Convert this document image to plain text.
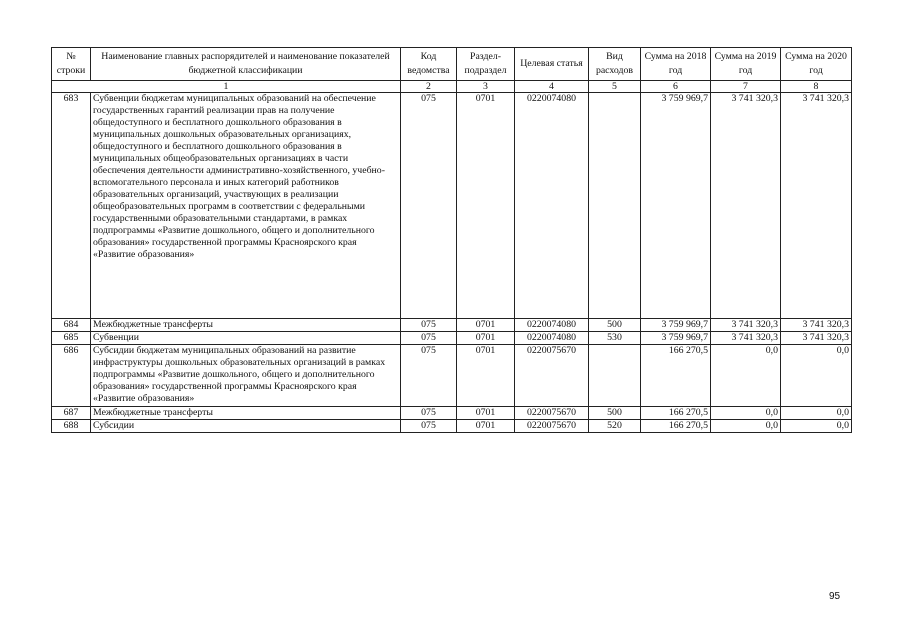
№ строки	Наименование главных распорядителей и наименование показателей бюджетной классификации	Код ведомства	Раздел-подраздел	Целевая статья	Вид расходов	Сумма на 2018 год	Сумма на 2019 год	Сумма на 2020 год
1		2	3	4	5	6	7	8
683	Субвенции бюджетам муниципальных образований на обеспечение государственных гарантий реализации прав на получение общедоступного и бесплатного дошкольного образования в муниципальных дошкольных образовательных организациях, общедоступного и бесплатного дошкольного образования в муниципальных общеобразовательных организациях в части обеспечения деятельности административно-хозяйственного, учебно-вспомогательного персонала и иных категорий работников образовательных организаций, участвующих в реализации общеобразовательных программ в соответствии с федеральными государственными образовательными стандартами, в рамках подпрограммы «Развитие дошкольного, общего и дополнительного образования» государственной программы Красноярского края «Развитие образования»	075	0701	0220074080		3 759 969,7	3 741 320,3	3 741 320,3
684	Межбюджетные трансферты	075	0701	0220074080	500	3 759 969,7	3 741 320,3	3 741 320,3
685	Субвенции	075	0701	0220074080	530	3 759 969,7	3 741 320,3	3 741 320,3
686	Субсидии бюджетам муниципальных образований на развитие инфраструктуры дошкольных образовательных организаций в рамках подпрограммы «Развитие дошкольного, общего и дополнительного образования» государственной программы Красноярского края «Развитие образования»	075	0701	0220075670		166 270,5	0,0	0,0
687	Межбюджетные трансферты	075	0701	0220075670	500	166 270,5	0,0	0,0
688	Субсидии	075	0701	0220075670	520	166 270,5	0,0	0,0
95
